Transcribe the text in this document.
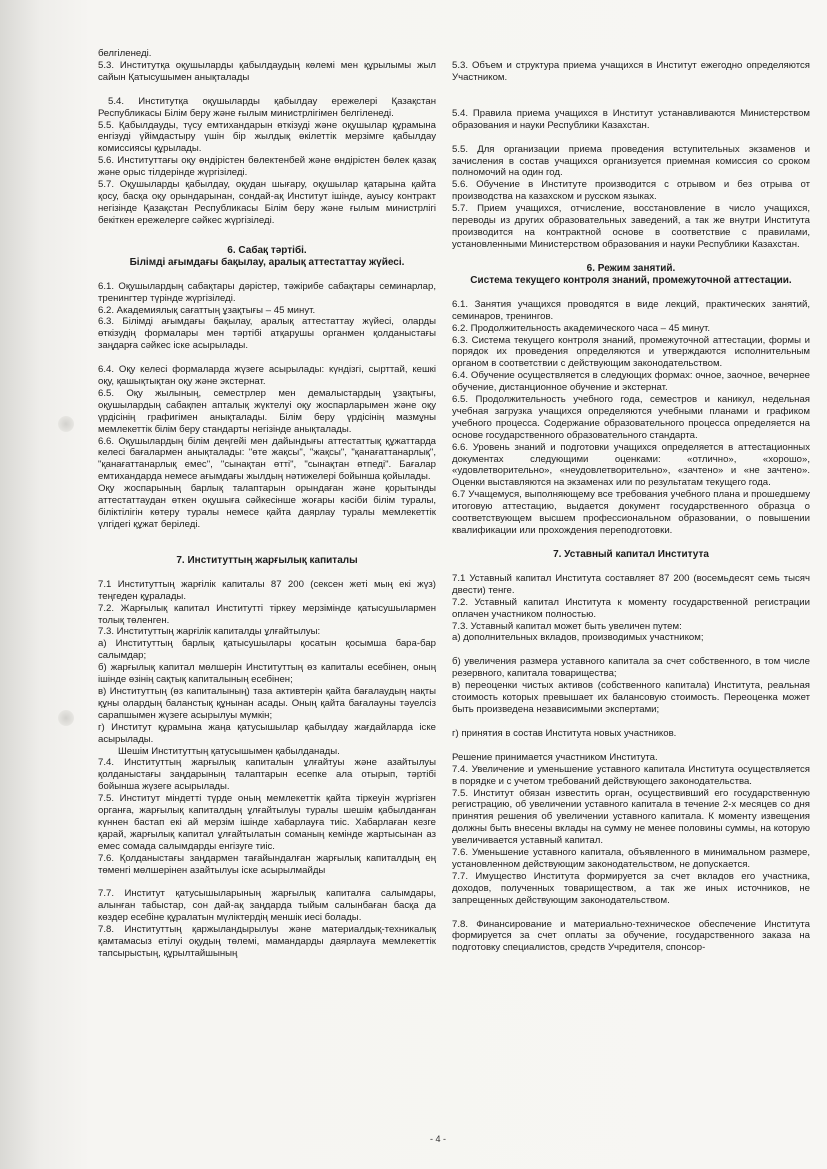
белгіленеді.

5.3. Институтқа оқушыларды қабылдаудың көлемі мен құрылымы жыл сайын Қатысушымен анықталады

5.4. Институтқа оқушыларды қабылдау ережелері Қазақстан Республикасы Білім беру және ғылым министрлігімен белгіленеді.

5.5. Қабылдауды, түсу емтихандарын өткізуді және оқушылар құрамына енгізуді үйімдастыру үшін бір жылдық өкілеттік мерзімге қабылдау комиссиясы құрылады.

5.6. Институттағы оқу өндірістен бөлектенбей және өндірістен бөлек қазақ және орыс тілдерінде жүргізіледі.

5.7. Оқушыларды қабылдау, оқудан шығару, оқушылар қатарына қайта қосу, басқа оқу орындарынан, сондай-ақ Институт ішінде, ауысу контракт негізінде Қазақстан Республикасы Білім беру және ғылым министрлігі бекіткен ережелерге сәйкес жүргізіледі.

6. Сабақ тәртібі.

Білімді ағымдағы бақылау, аралық аттестаттау жүйесі.

6.1. Оқушылардың сабақтары дәрістер, тәжірибе сабақтары семинарлар, тренингтер түрінде жүргізіледі.

6.2. Академиялық сағаттың ұзақтығы – 45 минут.

6.3. Білімді ағымдағы бақылау, аралық аттестаттау жүйесі, оларды өткізудің формалары мен тәртібі атқарушы органмен қолданыстағы заңдарға сәйкес іске асырылады.

6.4. Оқу келесі формаларда жүзеге асырылады: күндізгі, сырттай, кешкі оқу, қашықтықтан оқу және экстернат.

6.5. Оқу жылының, семестрлер мен демалыстардың ұзақтығы, оқушылардың сабақпен апталық жүктелуі оқу жоспарларымен және оқу үрдісінің графигімен анықталады. Білім беру үрдісінің мазмұны мемлекеттік білім беру стандарты негізінде анықталады.

6.6. Оқушылардың білім деңгейі мен дайындығы аттестаттық құжаттарда келесі бағалармен анықталады: "өте жақсы", "жақсы", "қанағаттанарлық", "қанағаттанарлық емес", "сынақтан өтті", "сынақтан өтпеді". Бағалар емтихандарда немесе ағымдағы жылдың нәтижелері бойынша қойылады.

Оқу жоспарының барлық талаптарын орындаған және қорытынды аттестаттаудан өткен оқушыға сәйкесінше жоғары кәсіби білім туралы, біліктілігін көтеру туралы немесе қайта даярлау туралы мемлекеттік үлгідегі құжат беріледі.

7. Институттың жарғылық капиталы

7.1 Институттың жарғілік капиталы 87 200 (сексен жеті мың екі жүз) теңгеден құралады.

7.2. Жарғылық капитал Институтті тіркеу мерзімінде қатысушылармен толық төленген.

7.3. Институттың жарғілік капиталды ұлғайтылуы:

а) Институттың барлық қатысушылары қосатын қосымша бара-бар салымдар;

б) жарғылық капитал мөлшерін Институттың өз капиталы есебінен, оның ішінде өзінің сақтық капиталының есебінен;

в) Институттың (өз капиталының) таза активтерін қайта бағалаудың нақты құны олардың баланстық құнынан асады. Оның қайта бағалауны тәуелсіз сарапшымен жүзеге асырылуы мүмкін;

г) Институт құрамына жаңа қатусышылар қабылдау жағдайларда іске асырылады.

Шешім Институттың қатусышымен қабылданады.

7.4. Институттың жарғылық капиталын ұлғайтуы және азайтылуы қолданыстағы заңдарының талаптарын есепке ала отырып, тәртібі бойынша жүзеге асырылады.

7.5. Институт міндетті түрде оның мемлекеттік қайта тіркеуін жүргізген органға, жарғылық капиталдың ұлғайтылуы туралы шешім қабылданған күннен бастап екі ай мерзім ішінде хабарлауға тиіс. Хабарлаған кезге қарай, жарғылық капитал ұлғайтылатын соманың кемінде жартысынан аз емес сомада салымдарды енгізуге тиіс.

7.6. Қолданыстағы заңдармен тағайындалған жарғылық капиталдың ең төменгі мөлшерінен азайтылуы іске асырылмайды

7.7. Институт қатусышыларының жарғылық капиталға салымдары, алынған табыстар, сон дай-ақ заңдарда тыйым салынбаған басқа да көздер есебіне құралатын мүліктердің меншік иесі болады.

7.8. Институттың қаржыландырылуы және материалдық-техникалық қамтамасыз етілуі оқудың төлемі, мамандарды даярлауға мемлекеттік тапсырыстың, құрылтайшының

5.3. Объем и структура приема учащихся в Институт ежегодно определяются Участником.

5.4. Правила приема учащихся в Институт устанавливаются Министерством образования и науки Республики Казахстан.

5.5. Для организации приема проведения вступительных экзаменов и зачисления в состав учащихся организуется приемная комиссия со сроком полномочий на один год.

5.6. Обучение в Институте производится с отрывом и без отрыва от производства на казахском и русском языках.

5.7. Прием учащихся, отчисление, восстановление в число учащихся, переводы из других образовательных заведений, а так же внутри Института производится на контрактной основе в соответствие с правилами, установленными Министерством образования и науки Республики Казахстан.

6. Режим занятий.

Система текущего контроля знаний, промежуточной аттестации.

6.1. Занятия учащихся проводятся в виде лекций, практических занятий, семинаров, тренингов.

6.2. Продолжительность академического часа – 45 минут.

6.3. Система текущего контроля знаний, промежуточной аттестации, формы и порядок их проведения определяются и утверждаются исполнительным органом в соответствии с действующим законодательством.

6.4. Обучение осуществляется в следующих формах: очное, заочное, вечернее обучение, дистанционное обучение и экстернат.

6.5. Продолжительность учебного года, семестров и каникул, недельная учебная загрузка учащихся определяются учебными планами и графиком учебного процесса. Содержание образовательного процесса определяется на основе государственного образовательного стандарта.

6.6. Уровень знаний и подготовки учащихся определяется в аттестационных документах следующими оценками: «отлично», «хорошо», «удовлетворительно», «неудовлетворительно», «зачтено» и «не зачтено». Оценки выставляются на экзаменах или по результатам текущего года.

6.7 Учащемуся, выполняющему все требования учебного плана и прошедшему итоговую аттестацию, выдается документ государственного образца о соответствующем высшем профессиональном образовании, о повышении квалификации или прохождения переподготовки.

7. Уставный капитал Института

7.1 Уставный капитал Института составляет 87 200 (восемьдесят семь тысяч двести) тенге.

7.2. Уставный капитал Института к моменту государственной регистрации оплачен участником полностью.

7.3. Уставный капитал может быть увеличен путем:

а) дополнительных вкладов, производимых участником;

б) увеличения размера уставного капитала за счет собственного, в том числе резервного, капитала товарищества;

в) переоценки чистых активов (собственного капитала) Института, реальная стоимость которых превышает их балансовую стоимость. Переоценка может быть произведена независимыми экспертами;

г) принятия в состав Института новых участников.

Решение принимается участником Института.

7.4. Увеличение и уменьшение уставного капитала Института осуществляется в порядке и с учетом требований действующего законодательства.

7.5. Институт обязан известить орган, осуществивший его государственную регистрацию, об увеличении уставного капитала в течение 2-х месяцев со дня принятия решения об увеличении уставного капитала. К моменту извещения должны быть внесены вклады на сумму не менее половины суммы, на которую увеличивается уставный капитал.

7.6. Уменьшение уставного капитала, объявленного в минимальном размере, установленном действующим законодательством, не допускается.

7.7. Имущество Института формируется за счет вкладов его участника, доходов, полученных товариществом, а так же иных источников, не запрещенных действующим законодательством.

7.8. Финансирование и материально-техническое обеспечение Института формируется за счет оплаты за обучение, государственного заказа на подготовку специалистов, средств Учредителя, спонсор-

- 4 -
